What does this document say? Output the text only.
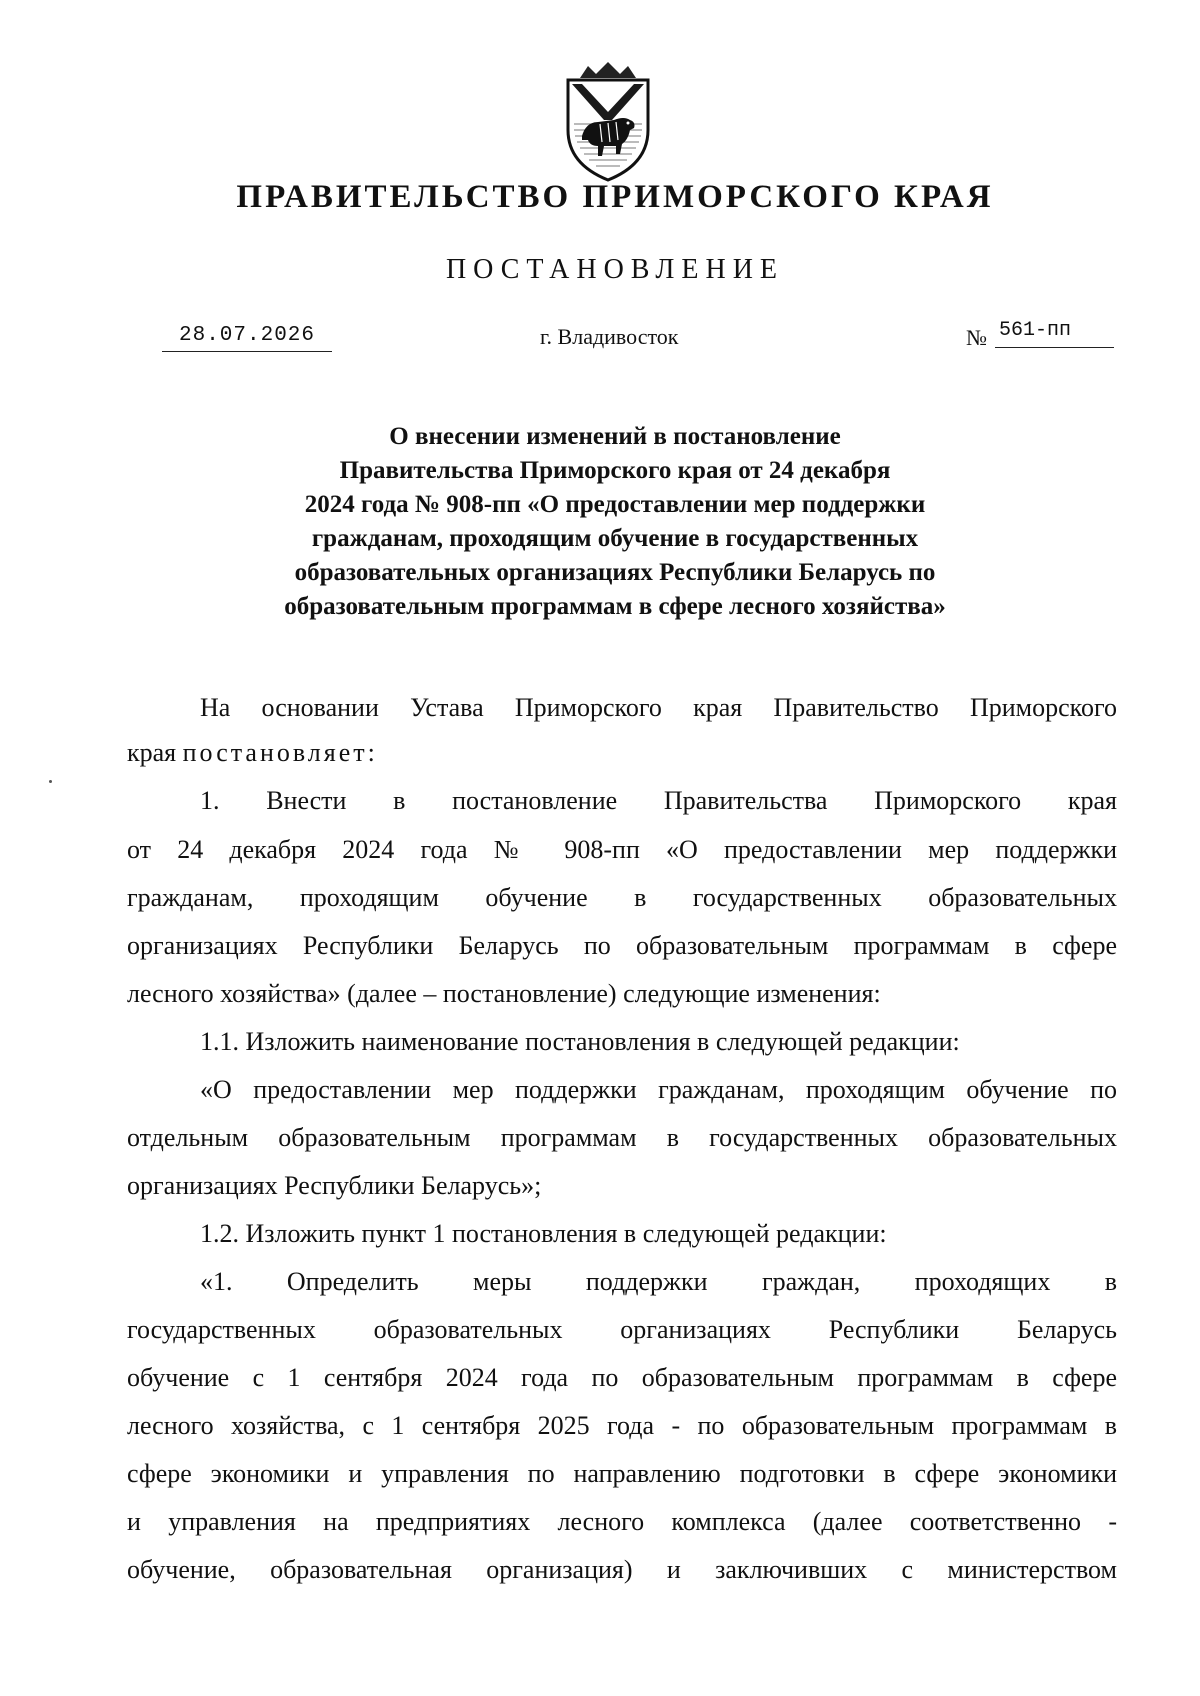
ПРАВИТЕЛЬСТВО ПРИМОРСКОГО КРАЯ
ПОСТАНОВЛЕНИЕ
28.07.2026	г. Владивосток	№ 561-пп
О внесении изменений в постановление
Правительства Приморского края от 24 декабря
2024 года № 908-пп «О предоставлении мер поддержки
гражданам, проходящим обучение в государственных
образовательных организациях Республики Беларусь по
образовательным программам в сфере лесного хозяйства»
На основании Устава Приморского края Правительство Приморского
края постановляет:
1. Внести в постановление Правительства Приморского края
от 24 декабря 2024 года № 908-пп «О предоставлении мер поддержки
гражданам, проходящим обучение в государственных образовательных
организациях Республики Беларусь по образовательным программам в сфере
лесного хозяйства» (далее – постановление) следующие изменения:
1.1. Изложить наименование постановления в следующей редакции:
«О предоставлении мер поддержки гражданам, проходящим обучение по
отдельным образовательным программам в государственных образовательных
организациях Республики Беларусь»;
1.2. Изложить пункт 1 постановления в следующей редакции:
«1. Определить меры поддержки граждан, проходящих в
государственных образовательных организациях Республики Беларусь
обучение с 1 сентября 2024 года по образовательным программам в сфере
лесного хозяйства, с 1 сентября 2025 года - по образовательным программам в
сфере экономики и управления по направлению подготовки в сфере экономики
и управления на предприятиях лесного комплекса (далее соответственно -
обучение, образовательная организация) и заключивших с министерством
